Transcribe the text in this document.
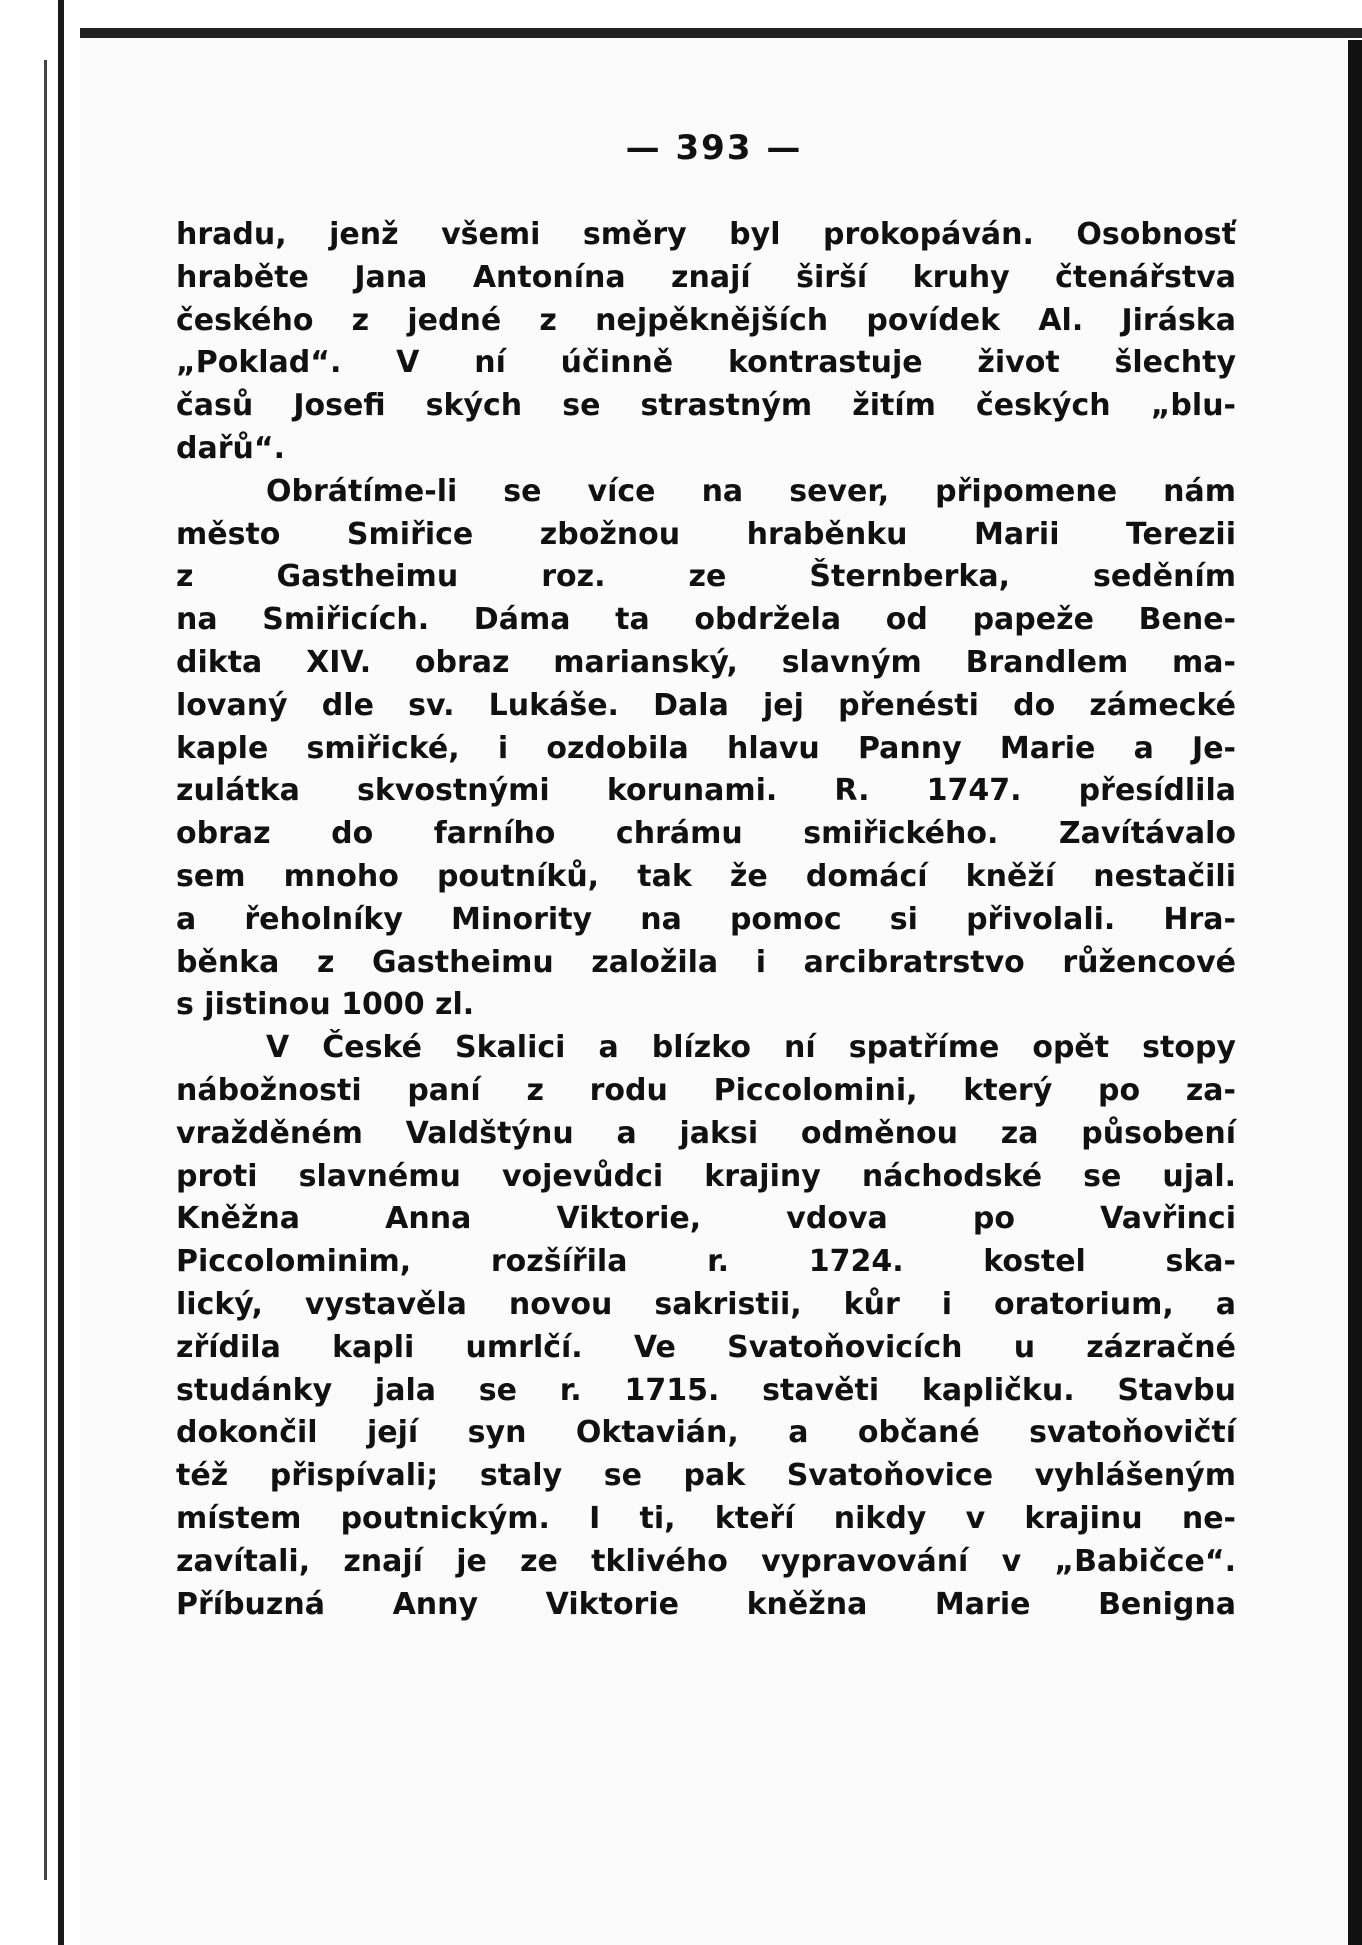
— 393 —
hradu, jenž všemi směry byl prokopáván. Osobnosť
hraběte Jana Antonína znají širší kruhy čtenářstva
českého z jedné z nejpěknějších povídek Al. Jiráska
„Poklad“. V ní účinně kontrastuje život šlechty
časů Josefi ských se strastným žitím českých „blu-
dařů“.
Obrátíme-li se více na sever, připomene nám
město Smiřice zbožnou hraběnku Marii Terezii
z Gastheimu roz. ze Šternberka, seděním
na Smiřicích. Dáma ta obdržela od papeže Bene-
dikta XIV. obraz marianský, slavným Brandlem ma-
lovaný dle sv. Lukáše. Dala jej přenésti do zámecké
kaple smiřické, i ozdobila hlavu Panny Marie a Je-
zulátka skvostnými korunami. R. 1747. přesídlila
obraz do farního chrámu smiřického. Zavítávalo
sem mnoho poutníků, tak že domácí kněží nestačili
a řeholníky Minority na pomoc si přivolali. Hra-
běnka z Gastheimu založila i arcibratrstvo růžencové
s jistinou 1000 zl.
V České Skalici a blízko ní spatříme opět stopy
nábožnosti paní z rodu Piccolomini, který po za-
vražděném Valdštýnu a jaksi odměnou za působení
proti slavnému vojevůdci krajiny náchodské se ujal.
Kněžna Anna Viktorie, vdova po Vavřinci
Piccolominim, rozšířila r. 1724. kostel ska-
lický, vystavěla novou sakristii, kůr i oratorium, a
zřídila kapli umrlčí. Ve Svatoňovicích u zázračné
studánky jala se r. 1715. stavěti kapličku. Stavbu
dokončil její syn Oktavián, a občané svatoňovičtí
též přispívali; staly se pak Svatoňovice vyhlášeným
místem poutnickým. I ti, kteří nikdy v krajinu ne-
zavítali, znají je ze tklivého vypravování v „Babičce“.
Příbuzná Anny Viktorie kněžna Marie Benigna
